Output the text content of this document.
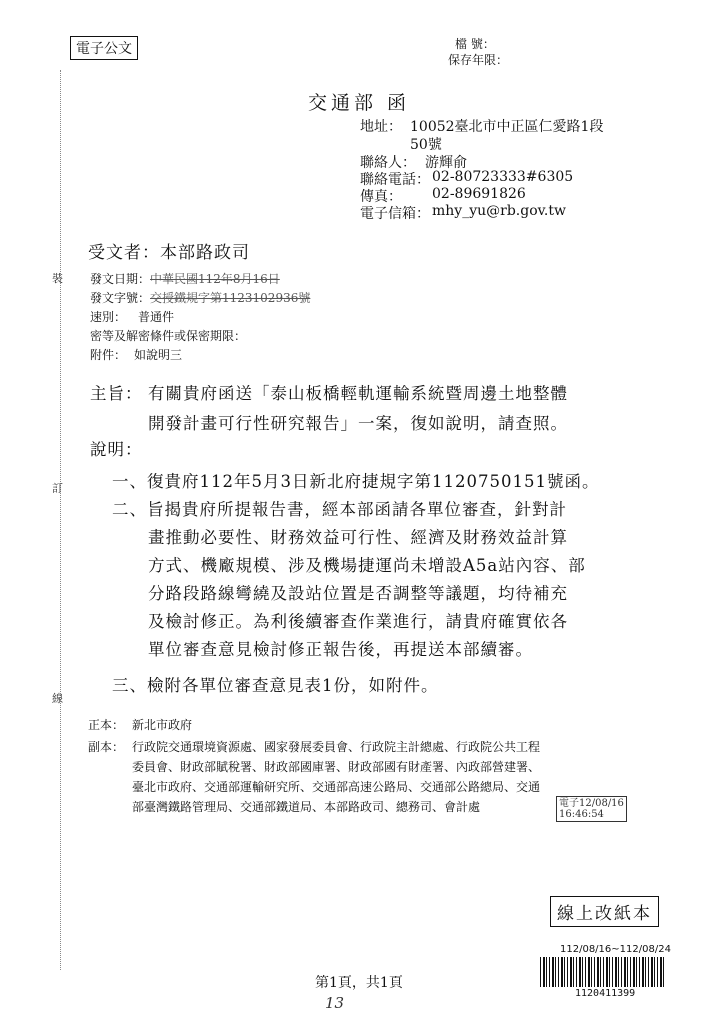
電子公文	檔 號：
保存年限：
裝
訂
線
交通部 函
地址： 10052臺北市中正區仁愛路1段
50號
聯絡人： 游輝俞
聯絡電話： 02-80723333#6305
傳真： 02-89691826
電子信箱： mhy_yu@rb.gov.tw
受文者：本部路政司
發文日期： 中華民國112年8月16日
發文字號： 交授鐵規字第1123102936號
速別： 普通件
密等及解密條件或保密期限：
附件： 如說明三
主旨： 有關貴府函送「泰山板橋輕軌運輸系統暨周邊土地整體
開發計畫可行性研究報告」一案，復如說明，請查照。
說明：
一、復貴府112年5月3日新北府捷規字第1120750151號函。
二、旨揭貴府所提報告書，經本部函請各單位審查，針對計
畫推動必要性、財務效益可行性、經濟及財務效益計算
方式、機廠規模、涉及機場捷運尚未增設A5a站內容、部
分路段路線彎繞及設站位置是否調整等議題，均待補充
及檢討修正。為利後續審查作業進行，請貴府確實依各
單位審查意見檢討修正報告後，再提送本部續審。
三、檢附各單位審查意見表1份，如附件。
正本： 新北市政府
副本： 行政院交通環境資源處、國家發展委員會、行政院主計總處、行政院公共工程
委員會、財政部賦稅署、財政部國庫署、財政部國有財產署、內政部營建署、
臺北市政府、交通部運輸研究所、交通部高速公路局、交通部公路總局、交通
部臺灣鐵路管理局、交通部鐵道局、本部路政司、總務司、會計處	電子12/08/16
16:46:54
線上改紙本
112/08/16~112/08/24
1120411399
第1頁，共1頁
13
